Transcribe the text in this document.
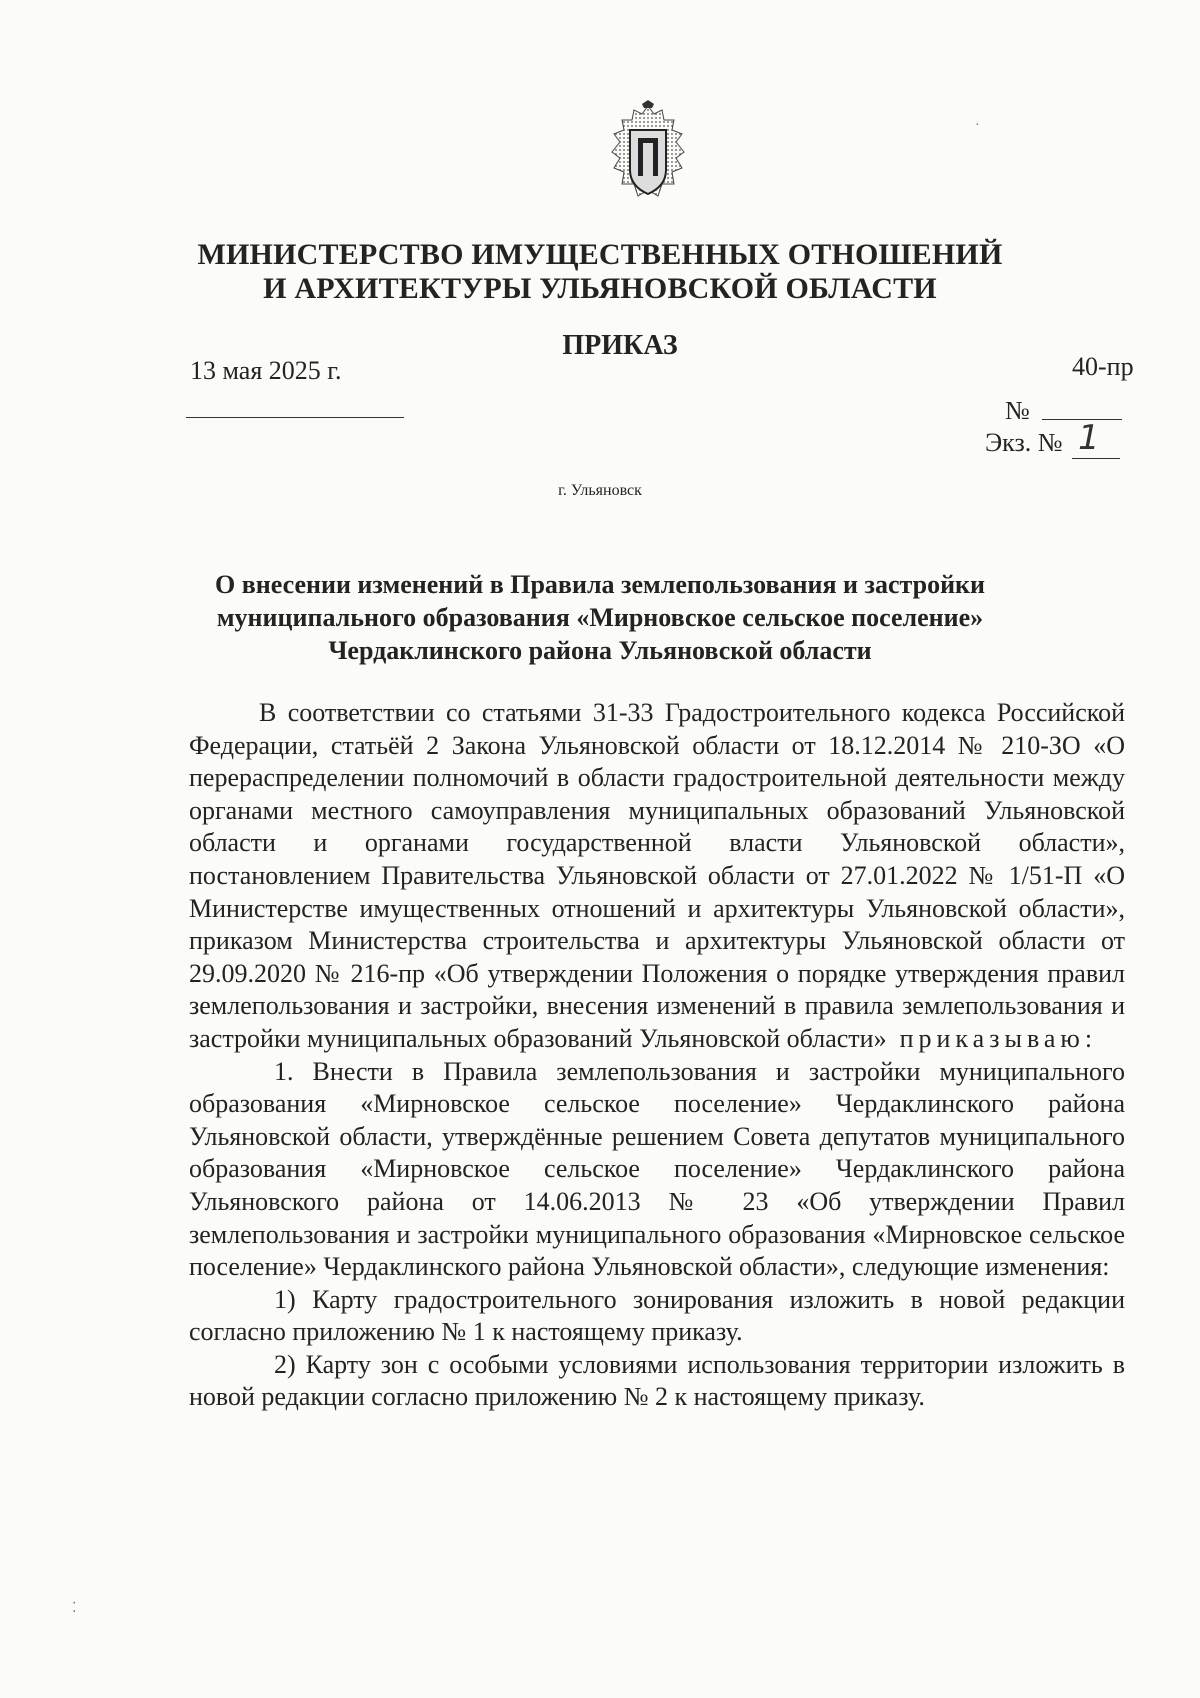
·
⁚
МИНИСТЕРСТВО ИМУЩЕСТВЕННЫХ ОТНОШЕНИЙ
И АРХИТЕКТУРЫ УЛЬЯНОВСКОЙ ОБЛАСТИ
ПРИКАЗ
13 мая 2025 г.	40-пр
№
Экз. № 1
г. Ульяновск
О внесении изменений в Правила землепользования и застройки
муниципального образования «Мирновское сельское поселение»
Чердаклинского района Ульяновской области

В соответствии со статьями 31-33 Градостроительного кодекса Российской Федерации, статьёй 2 Закона Ульяновской области от 18.12.2014 № 210-ЗО «О перераспределении полномочий в области градостроительной деятельности между органами местного самоуправления муниципальных образований Ульяновской области и органами государственной власти Ульяновской области», постановлением Правительства Ульяновской области от 27.01.2022 № 1/51-П «О Министерстве имущественных отношений и архитектуры Ульяновской области», приказом Министерства строительства и архитектуры Ульяновской области от 29.09.2020 № 216-пр «Об утверждении Положения о порядке утверждения правил землепользования и застройки, внесения изменений в правила землепользования и застройки муниципальных образований Ульяновской области» приказываю:

1. Внести в Правила землепользования и застройки муниципального образования «Мирновское сельское поселение» Чердаклинского района Ульяновской области, утверждённые решением Совета депутатов муниципального образования «Мирновское сельское поселение» Чердаклинского района Ульяновского района от 14.06.2013 № 23 «Об утверждении Правил землепользования и застройки муниципального образования «Мирновское сельское поселение» Чердаклинского района Ульяновской области», следующие изменения:

1) Карту градостроительного зонирования изложить в новой редакции согласно приложению № 1 к настоящему приказу.

2) Карту зон с особыми условиями использования территории изложить в новой редакции согласно приложению № 2 к настоящему приказу.
